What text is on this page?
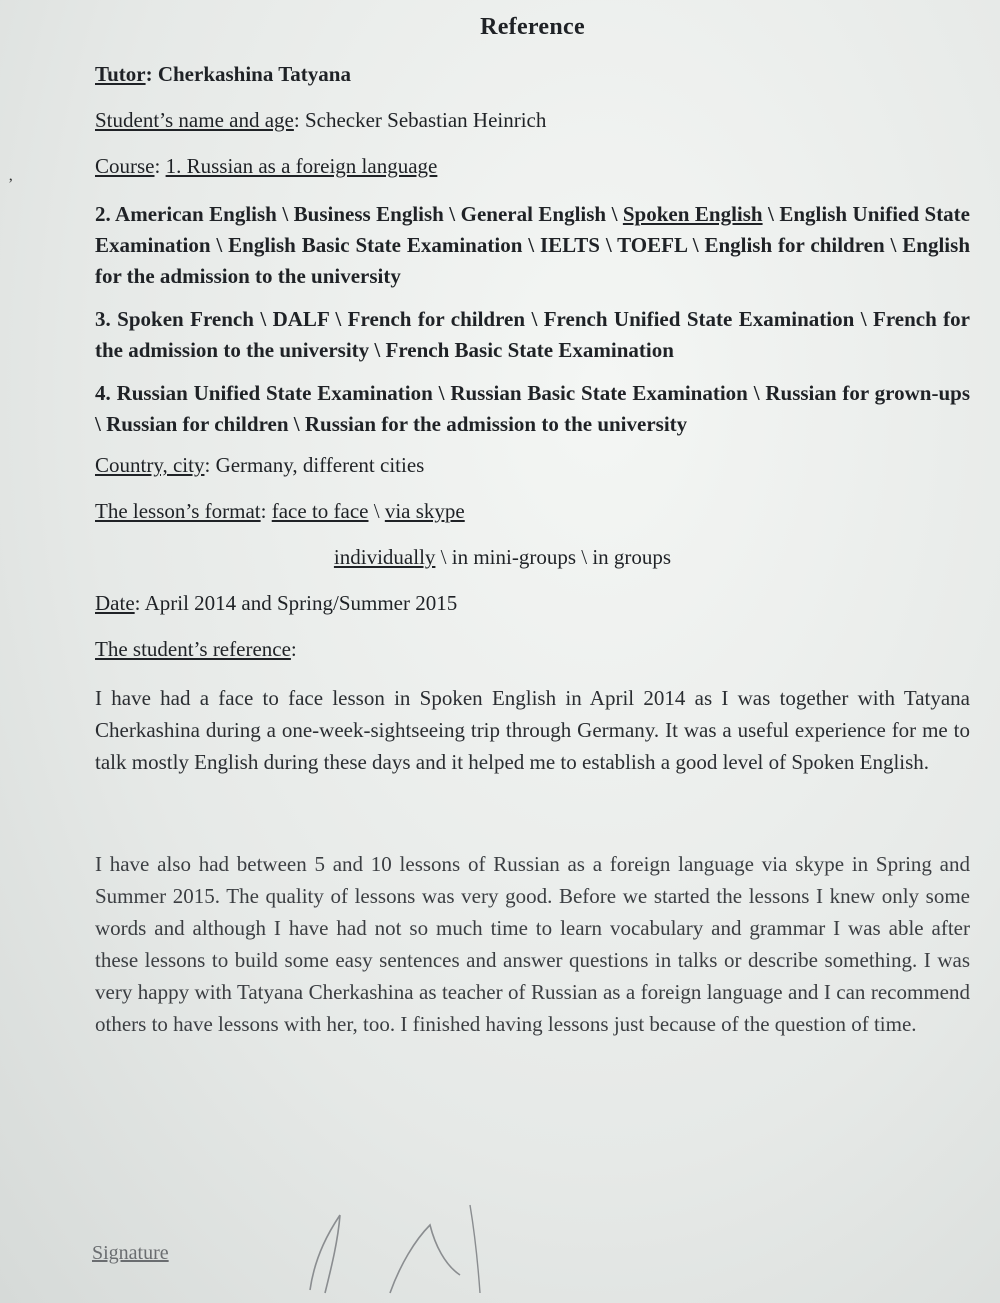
’
Reference
Tutor: Cherkashina Tatyana
Student’s name and age: Schecker Sebastian Heinrich
Course: 1. Russian as a foreign language
2. American English \ Business English \ General English \ Spoken English \ English Unified State Examination \ English Basic State Examination \ IELTS \ TOEFL \ English for children \ English for the admission to the university
3. Spoken French \ DALF \ French for children \ French Unified State Examination \ French for the admission to the university \ French Basic State Examination
4. Russian Unified State Examination \ Russian Basic State Examination \ Russian for grown-ups \ Russian for children \ Russian for the admission to the university
Country, city: Germany, different cities
The lesson’s format: face to face \ via skype
individually \ in mini-groups \ in groups
Date: April 2014 and Spring/Summer 2015
The student’s reference:

I have had a face to face lesson in Spoken English in April 2014 as I was together with Tatyana Cherkashina during a one-week-sightseeing trip through Germany. It was a useful experience for me to talk mostly English during these days and it helped me to establish a good level of Spoken English.

I have also had between 5 and 10 lessons of Russian as a foreign language via skype in Spring and Summer 2015. The quality of lessons was very good. Before we started the lessons I knew only some words and although I have had not so much time to learn vocabulary and grammar I was able after these lessons to build some easy sentences and answer questions in talks or describe something. I was very happy with Tatyana Cherkashina as teacher of Russian as a foreign language and I can recommend others to have lessons with her, too. I finished having lessons just because of the question of time.

Signature
